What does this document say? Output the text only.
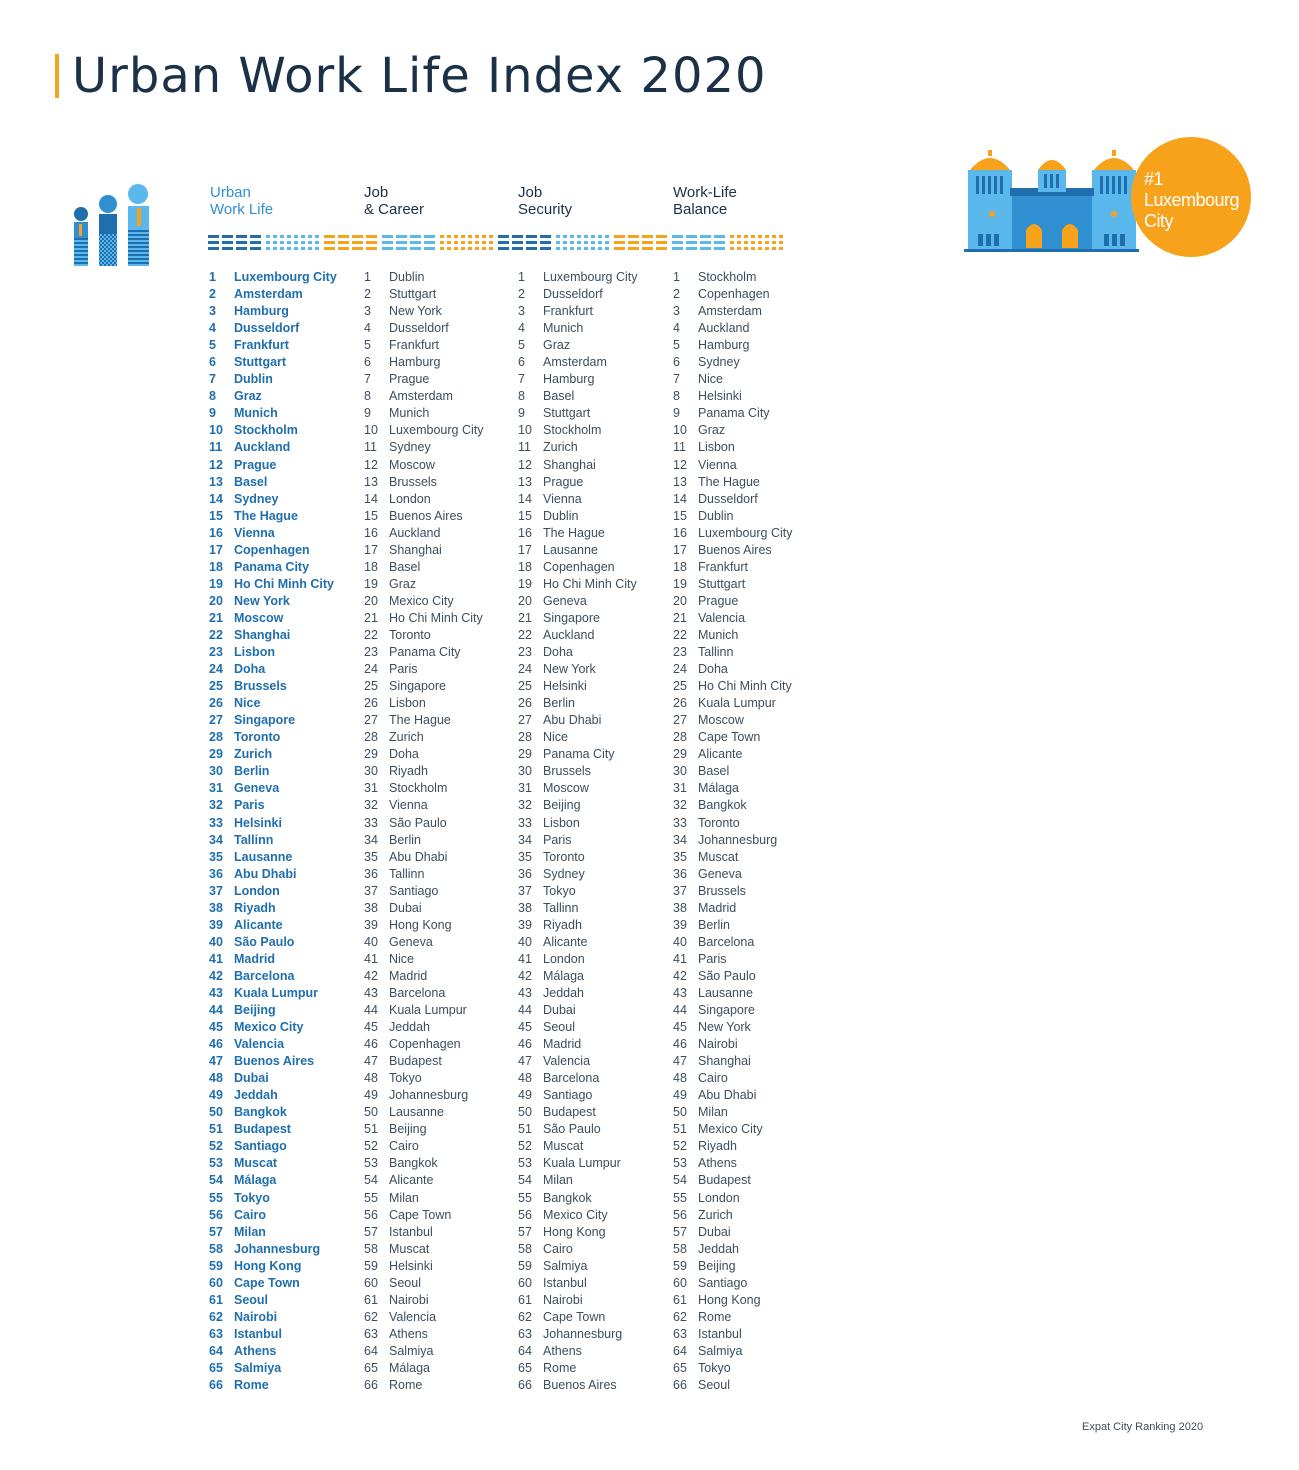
Urban Work Life Index 2020
Urban
Work Life
Job
& Career
Job
Security
Work-Life
Balance
1 Luxembourg City
2 Amsterdam
3 Hamburg
4 Dusseldorf
5 Frankfurt
6 Stuttgart
7 Dublin
8 Graz
9 Munich
10 Stockholm
11 Auckland
12 Prague
13 Basel
14 Sydney
15 The Hague
16 Vienna
17 Copenhagen
18 Panama City
19 Ho Chi Minh City
20 New York
21 Moscow
22 Shanghai
23 Lisbon
24 Doha
25 Brussels
26 Nice
27 Singapore
28 Toronto
29 Zurich
30 Berlin
31 Geneva
32 Paris
33 Helsinki
34 Tallinn
35 Lausanne
36 Abu Dhabi
37 London
38 Riyadh
39 Alicante
40 São Paulo
41 Madrid
42 Barcelona
43 Kuala Lumpur
44 Beijing
45 Mexico City
46 Valencia
47 Buenos Aires
48 Dubai
49 Jeddah
50 Bangkok
51 Budapest
52 Santiago
53 Muscat
54 Málaga
55 Tokyo
56 Cairo
57 Milan
58 Johannesburg
59 Hong Kong
60 Cape Town
61 Seoul
62 Nairobi
63 Istanbul
64 Athens
65 Salmiya
66 Rome
1 Dublin
2 Stuttgart
3 New York
4 Dusseldorf
5 Frankfurt
6 Hamburg
7 Prague
8 Amsterdam
9 Munich
10 Luxembourg City
11 Sydney
12 Moscow
13 Brussels
14 London
15 Buenos Aires
16 Auckland
17 Shanghai
18 Basel
19 Graz
20 Mexico City
21 Ho Chi Minh City
22 Toronto
23 Panama City
24 Paris
25 Singapore
26 Lisbon
27 The Hague
28 Zurich
29 Doha
30 Riyadh
31 Stockholm
32 Vienna
33 São Paulo
34 Berlin
35 Abu Dhabi
36 Tallinn
37 Santiago
38 Dubai
39 Hong Kong
40 Geneva
41 Nice
42 Madrid
43 Barcelona
44 Kuala Lumpur
45 Jeddah
46 Copenhagen
47 Budapest
48 Tokyo
49 Johannesburg
50 Lausanne
51 Beijing
52 Cairo
53 Bangkok
54 Alicante
55 Milan
56 Cape Town
57 Istanbul
58 Muscat
59 Helsinki
60 Seoul
61 Nairobi
62 Valencia
63 Athens
64 Salmiya
65 Málaga
66 Rome
1 Luxembourg City
2 Dusseldorf
3 Frankfurt
4 Munich
5 Graz
6 Amsterdam
7 Hamburg
8 Basel
9 Stuttgart
10 Stockholm
11 Zurich
12 Shanghai
13 Prague
14 Vienna
15 Dublin
16 The Hague
17 Lausanne
18 Copenhagen
19 Ho Chi Minh City
20 Geneva
21 Singapore
22 Auckland
23 Doha
24 New York
25 Helsinki
26 Berlin
27 Abu Dhabi
28 Nice
29 Panama City
30 Brussels
31 Moscow
32 Beijing
33 Lisbon
34 Paris
35 Toronto
36 Sydney
37 Tokyo
38 Tallinn
39 Riyadh
40 Alicante
41 London
42 Málaga
43 Jeddah
44 Dubai
45 Seoul
46 Madrid
47 Valencia
48 Barcelona
49 Santiago
50 Budapest
51 São Paulo
52 Muscat
53 Kuala Lumpur
54 Milan
55 Bangkok
56 Mexico City
57 Hong Kong
58 Cairo
59 Salmiya
60 Istanbul
61 Nairobi
62 Cape Town
63 Johannesburg
64 Athens
65 Rome
66 Buenos Aires
1 Stockholm
2 Copenhagen
3 Amsterdam
4 Auckland
5 Hamburg
6 Sydney
7 Nice
8 Helsinki
9 Panama City
10 Graz
11 Lisbon
12 Vienna
13 The Hague
14 Dusseldorf
15 Dublin
16 Luxembourg City
17 Buenos Aires
18 Frankfurt
19 Stuttgart
20 Prague
21 Valencia
22 Munich
23 Tallinn
24 Doha
25 Ho Chi Minh City
26 Kuala Lumpur
27 Moscow
28 Cape Town
29 Alicante
30 Basel
31 Málaga
32 Bangkok
33 Toronto
34 Johannesburg
35 Muscat
36 Geneva
37 Brussels
38 Madrid
39 Berlin
40 Barcelona
41 Paris
42 São Paulo
43 Lausanne
44 Singapore
45 New York
46 Nairobi
47 Shanghai
48 Cairo
49 Abu Dhabi
50 Milan
51 Mexico City
52 Riyadh
53 Athens
54 Budapest
55 London
56 Zurich
57 Dubai
58 Jeddah
59 Beijing
60 Santiago
61 Hong Kong
62 Rome
63 Istanbul
64 Salmiya
65 Tokyo
66 Seoul
#1
Luxembourg
City
Expat City Ranking 2020
